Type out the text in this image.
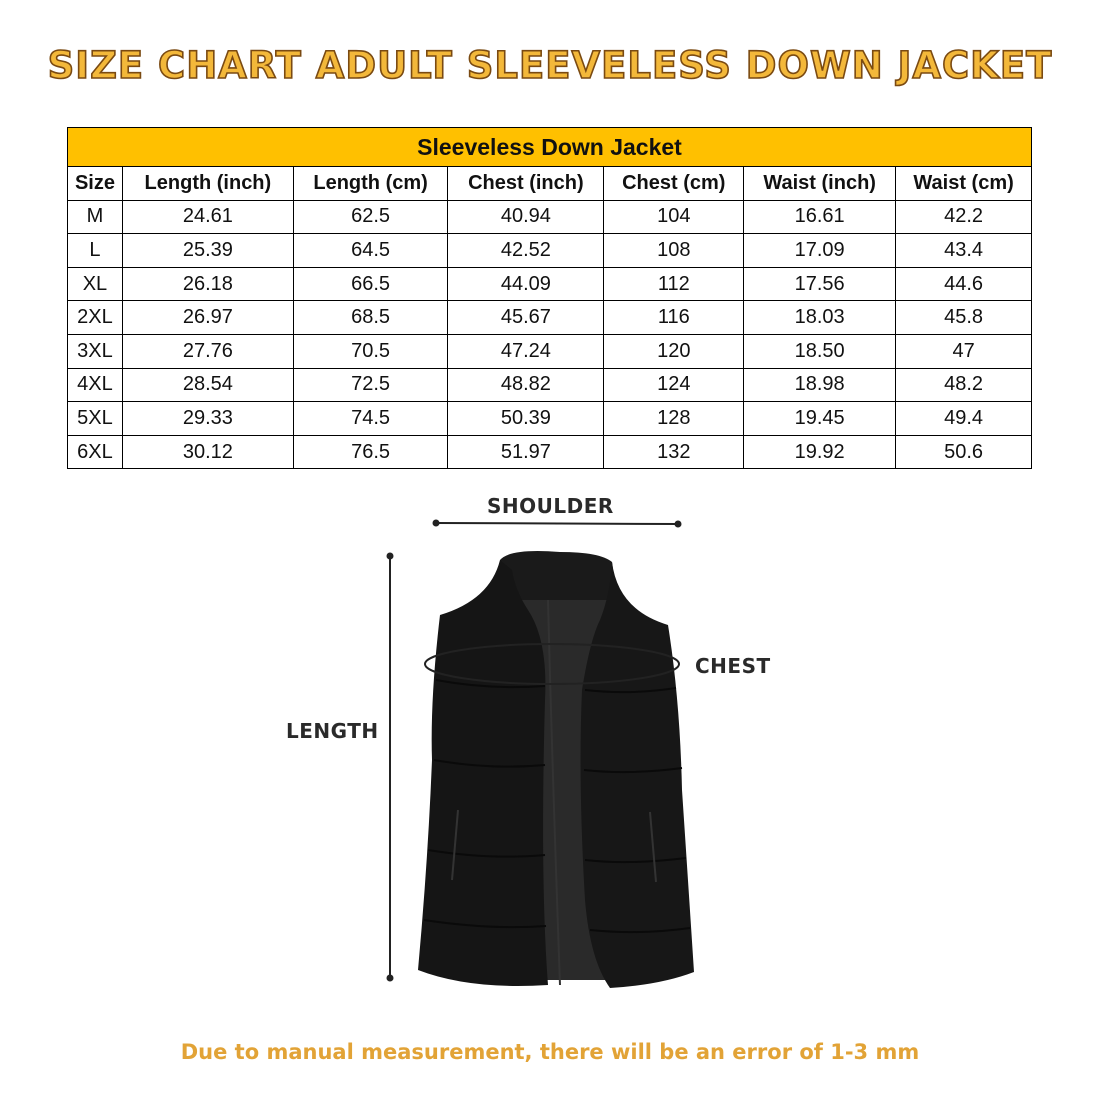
SIZE CHART ADULT SLEEVELESS DOWN JACKET
Sleeveless Down Jacket						
Size	Length (inch)	Length (cm)	Chest (inch)	Chest (cm)	Waist (inch)	Waist (cm)
M	24.61	62.5	40.94	104	16.61	42.2
L	25.39	64.5	42.52	108	17.09	43.4
XL	26.18	66.5	44.09	112	17.56	44.6
2XL	26.97	68.5	45.67	116	18.03	45.8
3XL	27.76	70.5	47.24	120	18.50	47
4XL	28.54	72.5	48.82	124	18.98	48.2
5XL	29.33	74.5	50.39	128	19.45	49.4
6XL	30.12	76.5	51.97	132	19.92	50.6
SHOULDER
CHEST
LENGTH
Due to manual measurement, there will be an error of 1-3 mm
